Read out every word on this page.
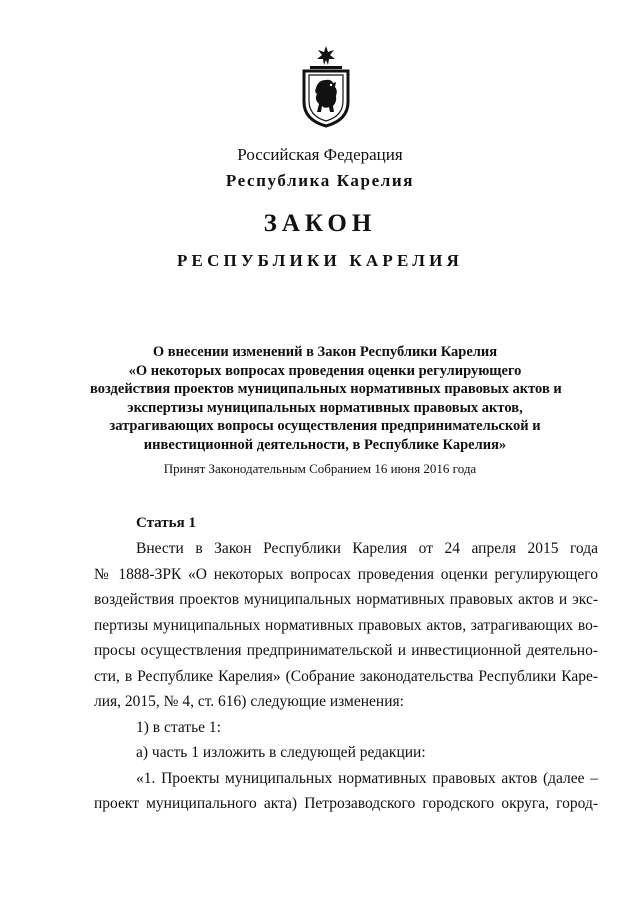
Российская Федерация
Республика Карелия
ЗАКОН
РЕСПУБЛИКИ КАРЕЛИЯ
О внесении изменений в Закон Республики Карелия
«О некоторых вопросах проведения оценки регулирующего
воздействия проектов муниципальных нормативных правовых актов и
экспертизы муниципальных нормативных правовых актов,
затрагивающих вопросы осуществления предпринимательской и
инвестиционной деятельности, в Республике Карелия»
Принят Законодательным Собранием 16 июня 2016 года
Статья 1
Внести в Закон Республики Карелия от 24 апреля 2015 года
№ 1888-ЗРК «О некоторых вопросах проведения оценки регулирующего
воздействия проектов муниципальных нормативных правовых актов и экс-
пертизы муниципальных нормативных правовых актов, затрагивающих во-
просы осуществления предпринимательской и инвестиционной деятельно-
сти, в Республике Карелия» (Собрание законодательства Республики Каре-
лия, 2015, № 4, ст. 616) следующие изменения:
1) в статье 1:
а) часть 1 изложить в следующей редакции:
«1. Проекты муниципальных нормативных правовых актов (далее –
проект муниципального акта) Петрозаводского городского округа, город-
